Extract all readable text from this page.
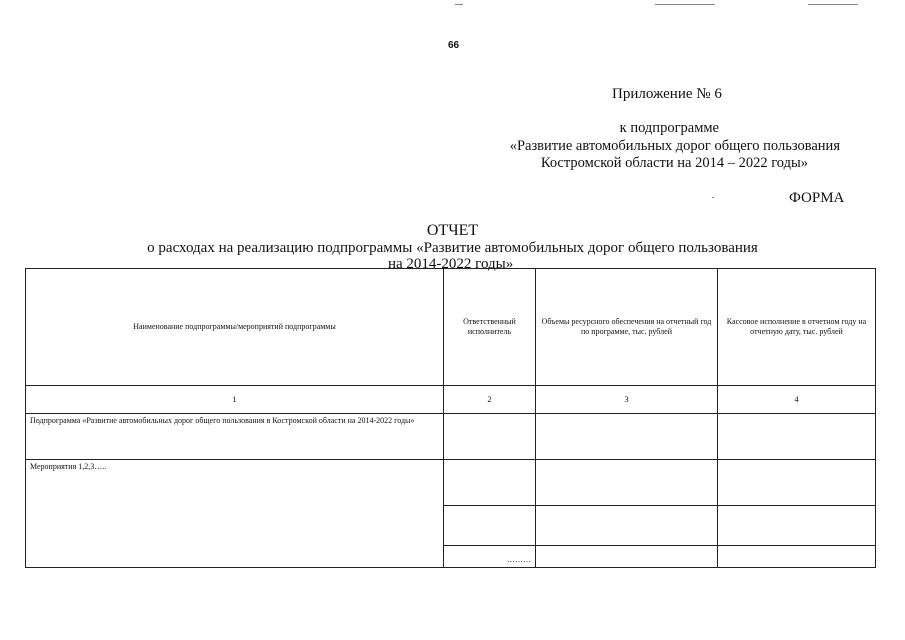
66
Приложение № 6
к подпрограмме
«Развитие автомобильных дорог общего пользования
Костромской области на 2014 – 2022 годы»
ФОРМА
ОТЧЕТ
о расходах на реализацию подпрограммы «Развитие автомобильных дорог общего пользования
на 2014-2022 годы»
Наименование подпрограммы/мероприятий подпрограммы	Ответственный исполнитель	Объемы ресурсного обеспечения на отчетный год по программе, тыс. рублей	Кассовое исполнение в отчетном году на отчетную дату, тыс. рублей
1	2	3	4
Подпрограмма «Развитие автомобильных дорог общего пользования в Костромской области на 2014-2022 годы»			
Мероприятия 1,2,3…..			

	………		
